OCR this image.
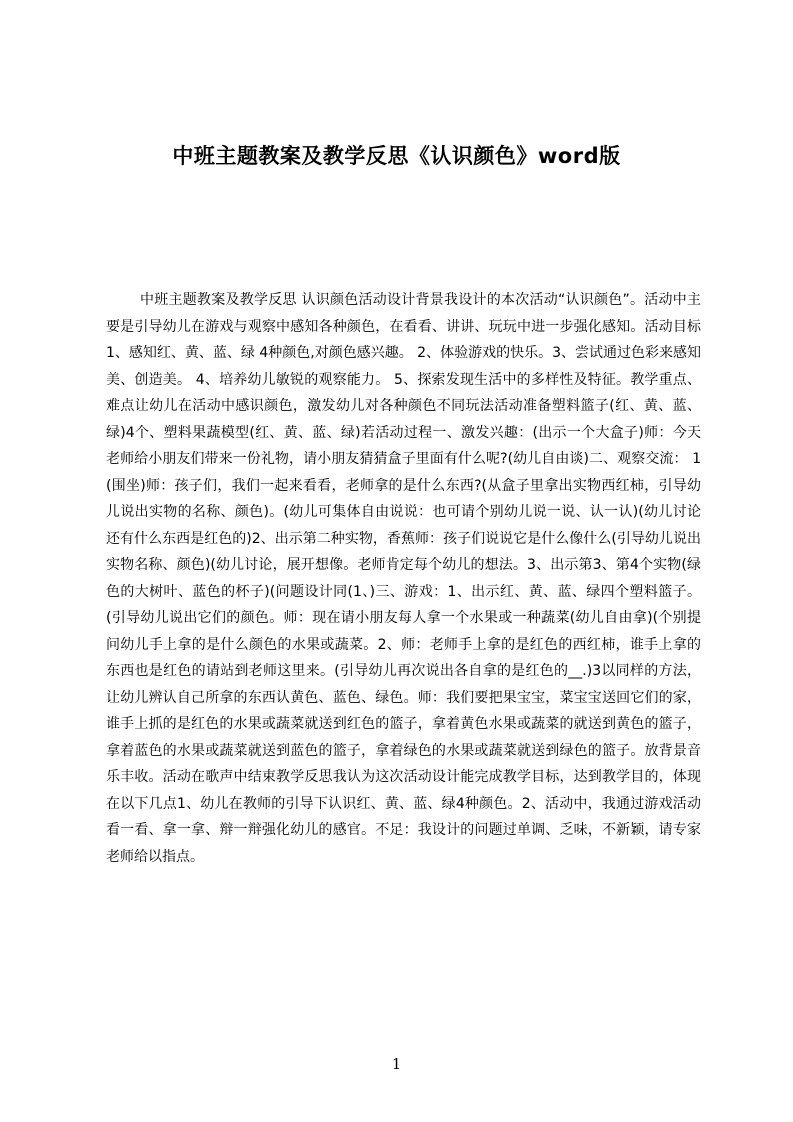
中班主题教案及教学反思《认识颜色》word版

中班主题教案及教学反思 认识颜色活动设计背景我设计的本次活动“认识颜色”。活动中主要是引导幼儿在游戏与观察中感知各种颜色，在看看、讲讲、玩玩中进一步强化感知。活动目标1、感知红、黄、蓝、绿 4种颜色,对颜色感兴趣。 2、体验游戏的快乐。3、尝试通过色彩来感知美、创造美。 4、培养幼儿敏锐的观察能力。 5、探索发现生活中的多样性及特征。教学重点、难点让幼儿在活动中感识颜色，激发幼儿对各种颜色不同玩法活动准备塑料篮子(红、黄、蓝、绿)4个、塑料果蔬模型(红、黄、蓝、绿)若活动过程一、激发兴趣：(出示一个大盒子)师：今天老师给小朋友们带来一份礼物，请小朋友猜猜盒子里面有什么呢?(幼儿自由谈)二、观察交流： 1(围坐)师：孩子们，我们一起来看看，老师拿的是什么东西?(从盒子里拿出实物西红柿，引导幼儿说出实物的名称、颜色)。(幼儿可集体自由说说：也可请个别幼儿说一说、认一认)(幼儿讨论还有什么东西是红色的)2、出示第二种实物，香蕉师：孩子们说说它是什么像什么(引导幼儿说出实物名称、颜色)(幼儿讨论，展开想像。老师肯定每个幼儿的想法。3、出示第3、第4个实物(绿色的大树叶、蓝色的杯子)(问题设计同(1、)三、游戏：1、出示红、黄、蓝、绿四个塑料篮子。(引导幼儿说出它们的颜色。师：现在请小朋友每人拿一个水果或一种蔬菜(幼儿自由拿)(个别提问幼儿手上拿的是什么颜色的水果或蔬菜。2、师：老师手上拿的是红色的西红柿，谁手上拿的东西也是红色的请站到老师这里来。(引导幼儿再次说出各自拿的是红色的__.)3以同样的方法，让幼儿辨认自己所拿的东西认黄色、蓝色、绿色。师：我们要把果宝宝，菜宝宝送回它们的家，谁手上抓的是红色的水果或蔬菜就送到红色的篮子，拿着黄色水果或蔬菜的就送到黄色的篮子，拿着蓝色的水果或蔬菜就送到蓝色的篮子，拿着绿色的水果或蔬菜就送到绿色的篮子。放背景音乐丰收。活动在歌声中结束教学反思我认为这次活动设计能完成教学目标，达到教学目的，体现在以下几点1、幼儿在教师的引导下认识红、黄、蓝、绿4种颜色。2、活动中，我通过游戏活动看一看、拿一拿、辩一辩强化幼儿的感官。不足：我设计的问题过单调、乏味，不新颖，请专家老师给以指点。

1
